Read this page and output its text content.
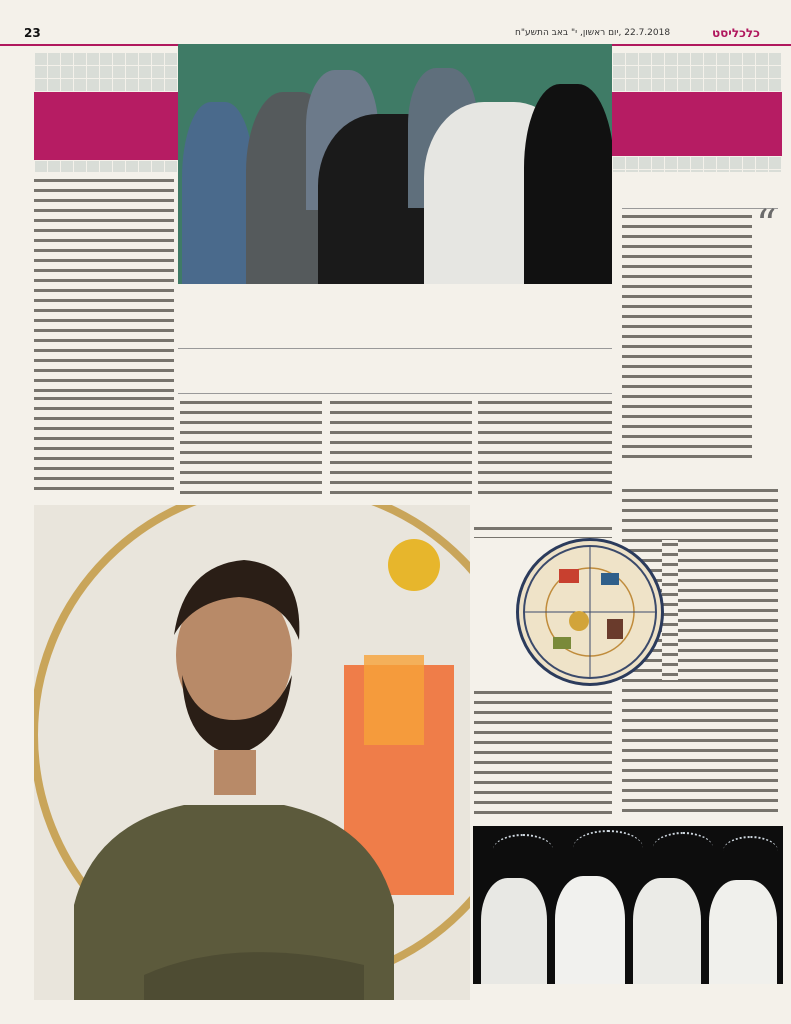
23	22.7.2018 ,יום ראשון, י" באב התשע"ח	כלכליסט
“
